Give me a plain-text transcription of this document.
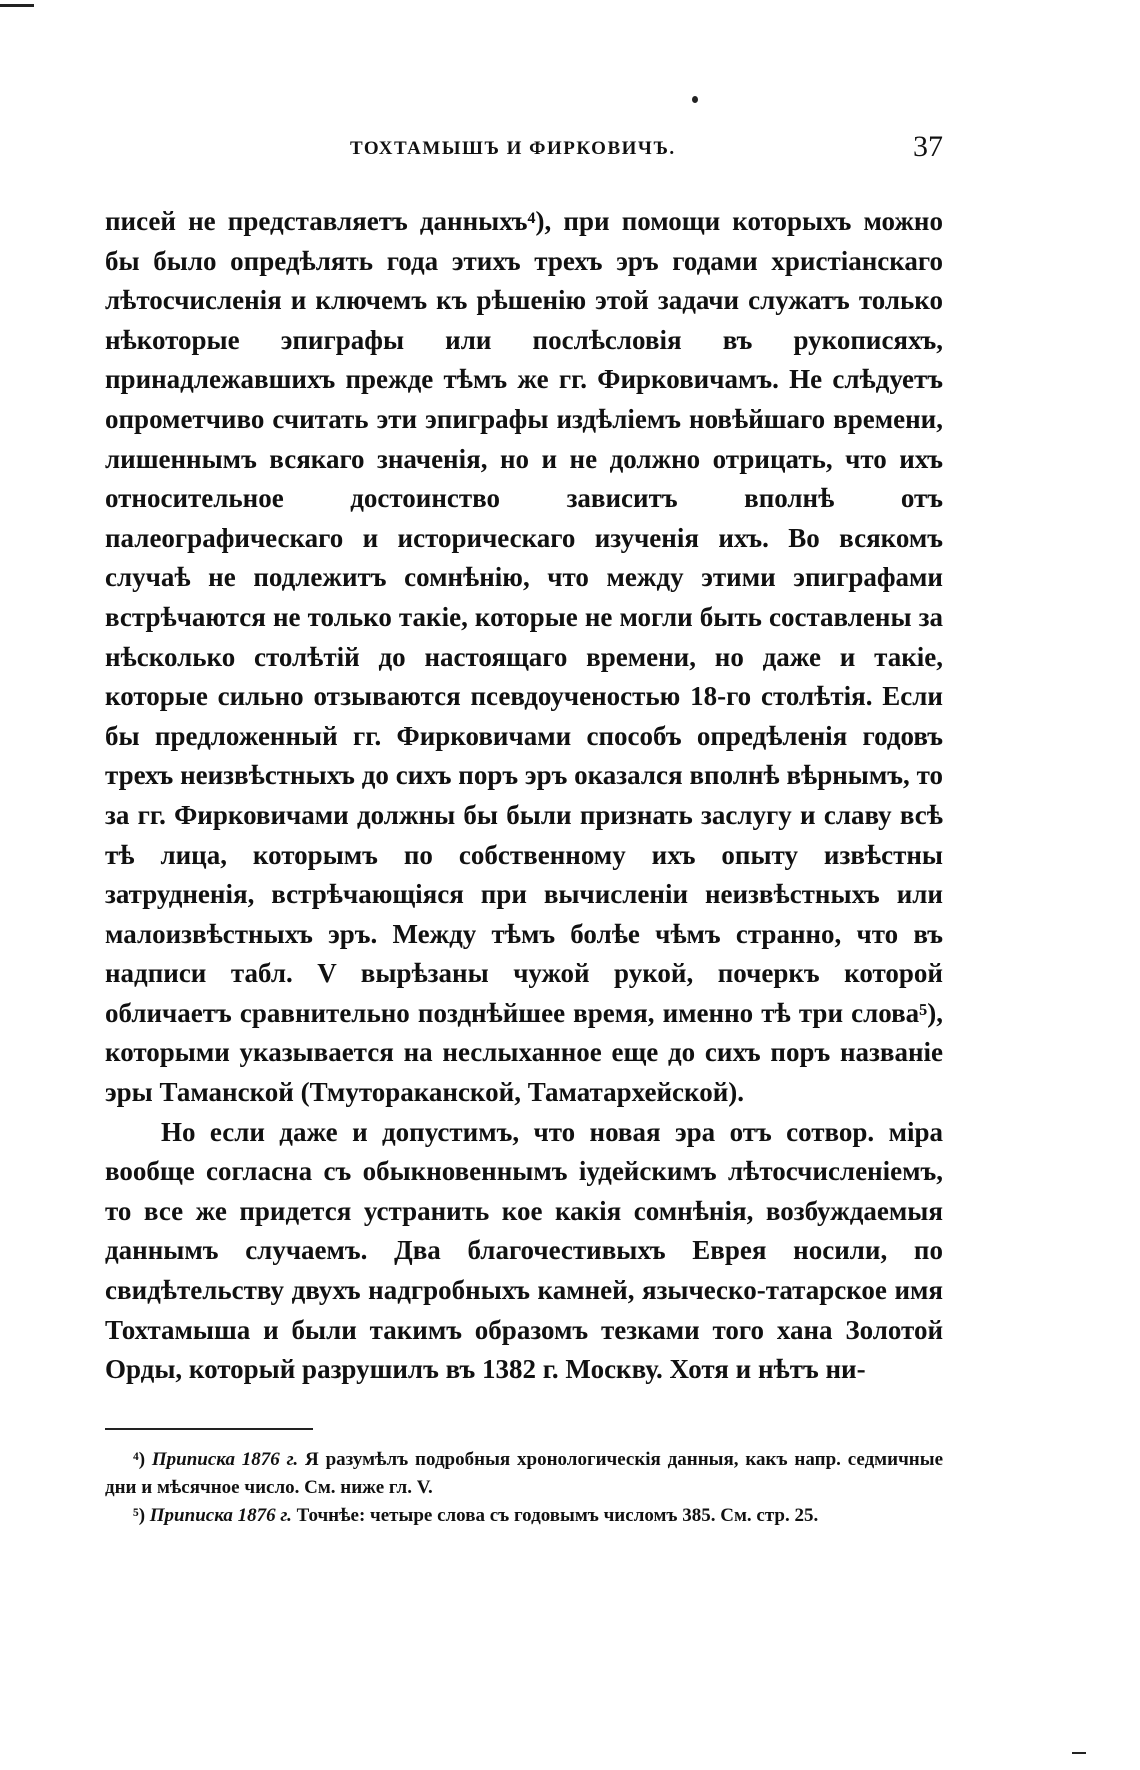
ТОХТАМЫШЪ И ФИРКОВИЧЪ.	37

писей не представляетъ данныхъ⁴), при помощи которыхъ можно бы было опредѣлять года этихъ трехъ эръ годами христіанскаго лѣтосчисленія и ключемъ къ рѣшенію этой задачи служатъ только нѣкоторые эпиграфы или послѣсловія въ рукописяхъ, принадлежавшихъ прежде тѣмъ же гг. Фирковичамъ. Не слѣдуетъ опрометчиво считать эти эпиграфы издѣліемъ новѣйшаго времени, лишеннымъ всякаго значенія, но и не должно отрицать, что ихъ относительное достоинство зависитъ вполнѣ отъ палеографическаго и историческаго изученія ихъ. Во всякомъ случаѣ не подлежитъ сомнѣнію, что между этими эпиграфами встрѣчаются не только такіе, которые не могли быть составлены за нѣсколько столѣтій до настоящаго времени, но даже и такіе, которые сильно отзываются псевдоученостью 18-го столѣтія. Если бы предложенный гг. Фирковичами способъ опредѣленія годовъ трехъ неизвѣстныхъ до сихъ поръ эръ оказался вполнѣ вѣрнымъ, то за гг. Фирковичами должны бы были признать заслугу и славу всѣ тѣ лица, которымъ по собственному ихъ опыту извѣстны затрудненія, встрѣчающіяся при вычисленіи неизвѣстныхъ или малоизвѣстныхъ эръ. Между тѣмъ болѣе чѣмъ странно, что въ надписи табл. V вырѣзаны чужой рукой, почеркъ которой обличаетъ сравнительно позднѣйшее время, именно тѣ три слова⁵), которыми указывается на неслыханное еще до сихъ поръ названіе эры Таманской (Тмутораканской, Таматархейской).

Но если даже и допустимъ, что новая эра отъ сотвор. міра вообще согласна съ обыкновеннымъ іудейскимъ лѣтосчисленіемъ, то все же придется устранить кое какія сомнѣнія, возбуждаемыя даннымъ случаемъ. Два благочестивыхъ Еврея носили, по свидѣтельству двухъ надгробныхъ камней, языческо-татарское имя Тохтамыша и были такимъ образомъ тезками того хана Золотой Орды, который разрушилъ въ 1382 г. Москву. Хотя и нѣтъ ни-

⁴) Приписка 1876 г. Я разумѣлъ подробныя хронологическія данныя, какъ напр. седмичные дни и мѣсячное число. См. ниже гл. V.

⁵) Приписка 1876 г. Точнѣе: четыре слова съ годовымъ числомъ 385. См. стр. 25.
